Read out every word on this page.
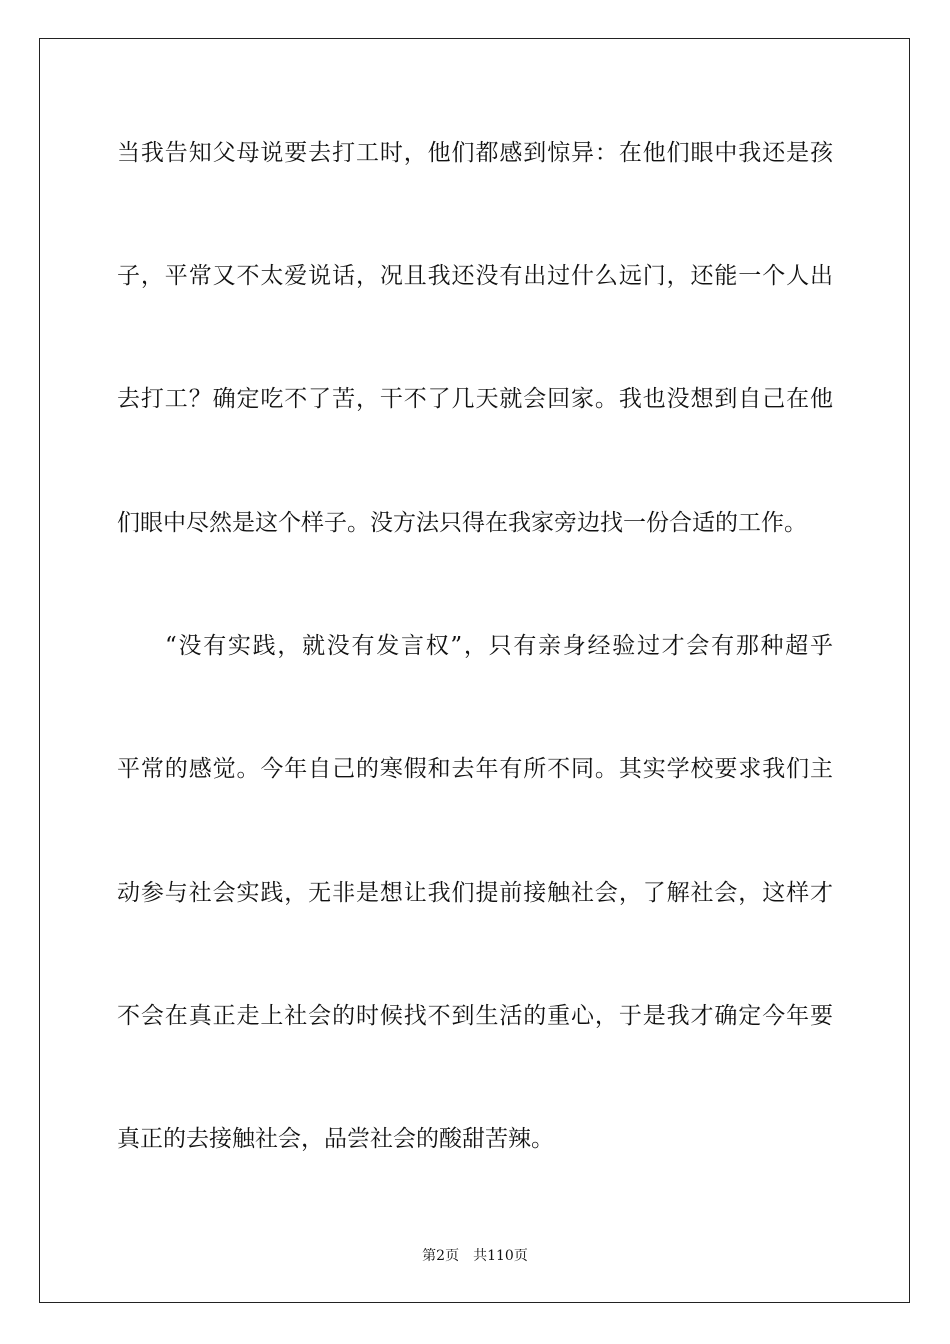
当我告知父母说要去打工时，他们都感到惊异：在他们眼中我还是孩
子，平常又不太爱说话，况且我还没有出过什么远门，还能一个人出
去打工？确定吃不了苦，干不了几天就会回家。我也没想到自己在他
们眼中尽然是这个样子。没方法只得在我家旁边找一份合适的工作。
“没有实践，就没有发言权”，只有亲身经验过才会有那种超乎
平常的感觉。今年自己的寒假和去年有所不同。其实学校要求我们主
动参与社会实践，无非是想让我们提前接触社会，了解社会，这样才
不会在真正走上社会的时候找不到生活的重心，于是我才确定今年要
真正的去接触社会，品尝社会的酸甜苦辣。
第2页 共110页
